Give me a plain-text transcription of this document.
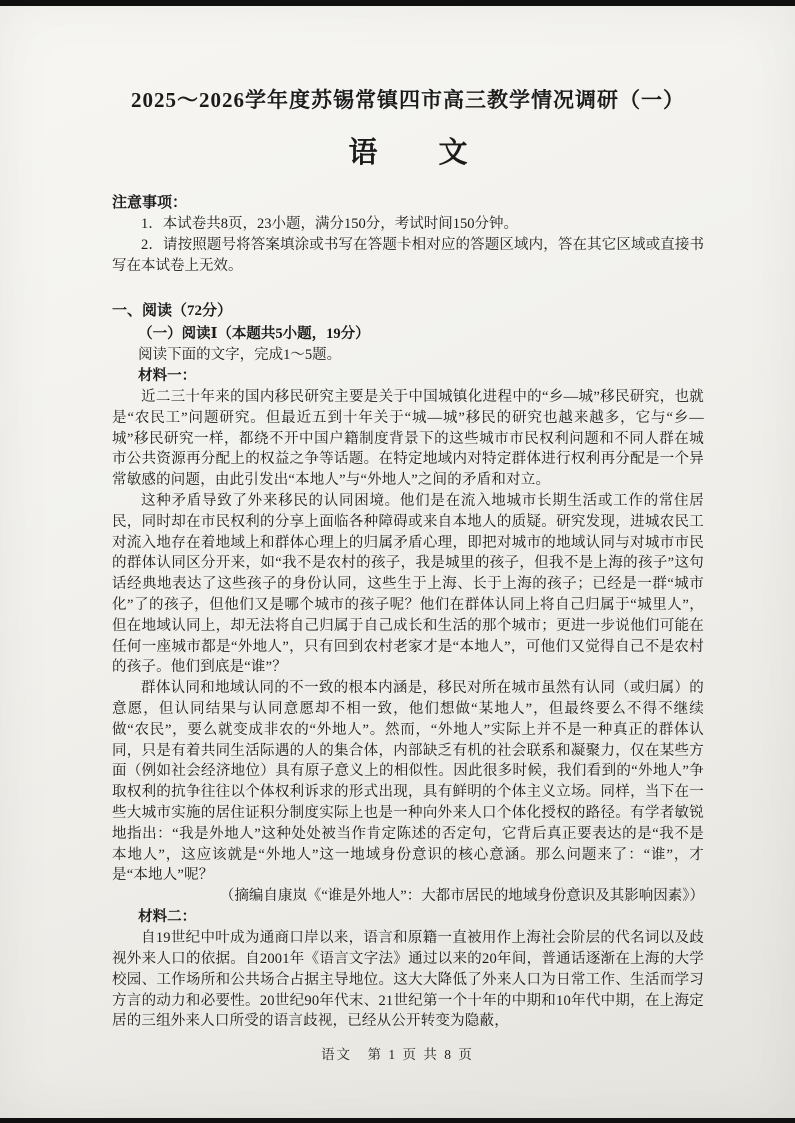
2025～2026学年度苏锡常镇四市高三教学情况调研（一）
语　文
注意事项：

1．本试卷共8页，23小题，满分150分，考试时间150分钟。

2．请按照题号将答案填涂或书写在答题卡相对应的答题区域内，答在其它区域或直接书写在本试卷上无效。

一、阅读（72分）
（一）阅读Ⅰ（本题共5小题，19分）
阅读下面的文字，完成1～5题。
材料一：

近二三十年来的国内移民研究主要是关于中国城镇化进程中的“乡—城”移民研究，也就是“农民工”问题研究。但最近五到十年关于“城—城”移民的研究也越来越多，它与“乡—城”移民研究一样，都绕不开中国户籍制度背景下的这些城市市民权利问题和不同人群在城市公共资源再分配上的权益之争等话题。在特定地域内对特定群体进行权利再分配是一个异常敏感的问题，由此引发出“本地人”与“外地人”之间的矛盾和对立。

这种矛盾导致了外来移民的认同困境。他们是在流入地城市长期生活或工作的常住居民，同时却在市民权利的分享上面临各种障碍或来自本地人的质疑。研究发现，进城农民工对流入地存在着地域上和群体心理上的归属矛盾心理，即把对城市的地域认同与对城市市民的群体认同区分开来，如“我不是农村的孩子，我是城里的孩子，但我不是上海的孩子”这句话经典地表达了这些孩子的身份认同，这些生于上海、长于上海的孩子；已经是一群“城市化”了的孩子，但他们又是哪个城市的孩子呢？他们在群体认同上将自己归属于“城里人”，但在地域认同上，却无法将自己归属于自己成长和生活的那个城市；更进一步说他们可能在任何一座城市都是“外地人”，只有回到农村老家才是“本地人”，可他们又觉得自己不是农村的孩子。他们到底是“谁”？

群体认同和地域认同的不一致的根本内涵是，移民对所在城市虽然有认同（或归属）的意愿，但认同结果与认同意愿却不相一致，他们想做“某地人”，但最终要么不得不继续做“农民”，要么就变成非农的“外地人”。然而，“外地人”实际上并不是一种真正的群体认同，只是有着共同生活际遇的人的集合体，内部缺乏有机的社会联系和凝聚力，仅在某些方面（例如社会经济地位）具有原子意义上的相似性。因此很多时候，我们看到的“外地人”争取权利的抗争往往以个体权利诉求的形式出现，具有鲜明的个体主义立场。同样，当下在一些大城市实施的居住证积分制度实际上也是一种向外来人口个体化授权的路径。有学者敏锐地指出：“我是外地人”这种处处被当作肯定陈述的否定句，它背后真正要表达的是“我不是本地人”，这应该就是“外地人”这一地域身份意识的核心意涵。那么问题来了：“谁”，才是“本地人”呢？

（摘编自康岚《“谁是外地人”：大都市居民的地域身份意识及其影响因素》）

材料二：

自19世纪中叶成为通商口岸以来，语言和原籍一直被用作上海社会阶层的代名词以及歧视外来人口的依据。自2001年《语言文字法》通过以来的20年间，普通话逐渐在上海的大学校园、工作场所和公共场合占据主导地位。这大大降低了外来人口为日常工作、生活而学习方言的动力和必要性。20世纪90年代末、21世纪第一个十年的中期和10年代中期，在上海定居的三组外来人口所受的语言歧视，已经从公开转变为隐蔽，

语文　第 1 页 共 8 页
